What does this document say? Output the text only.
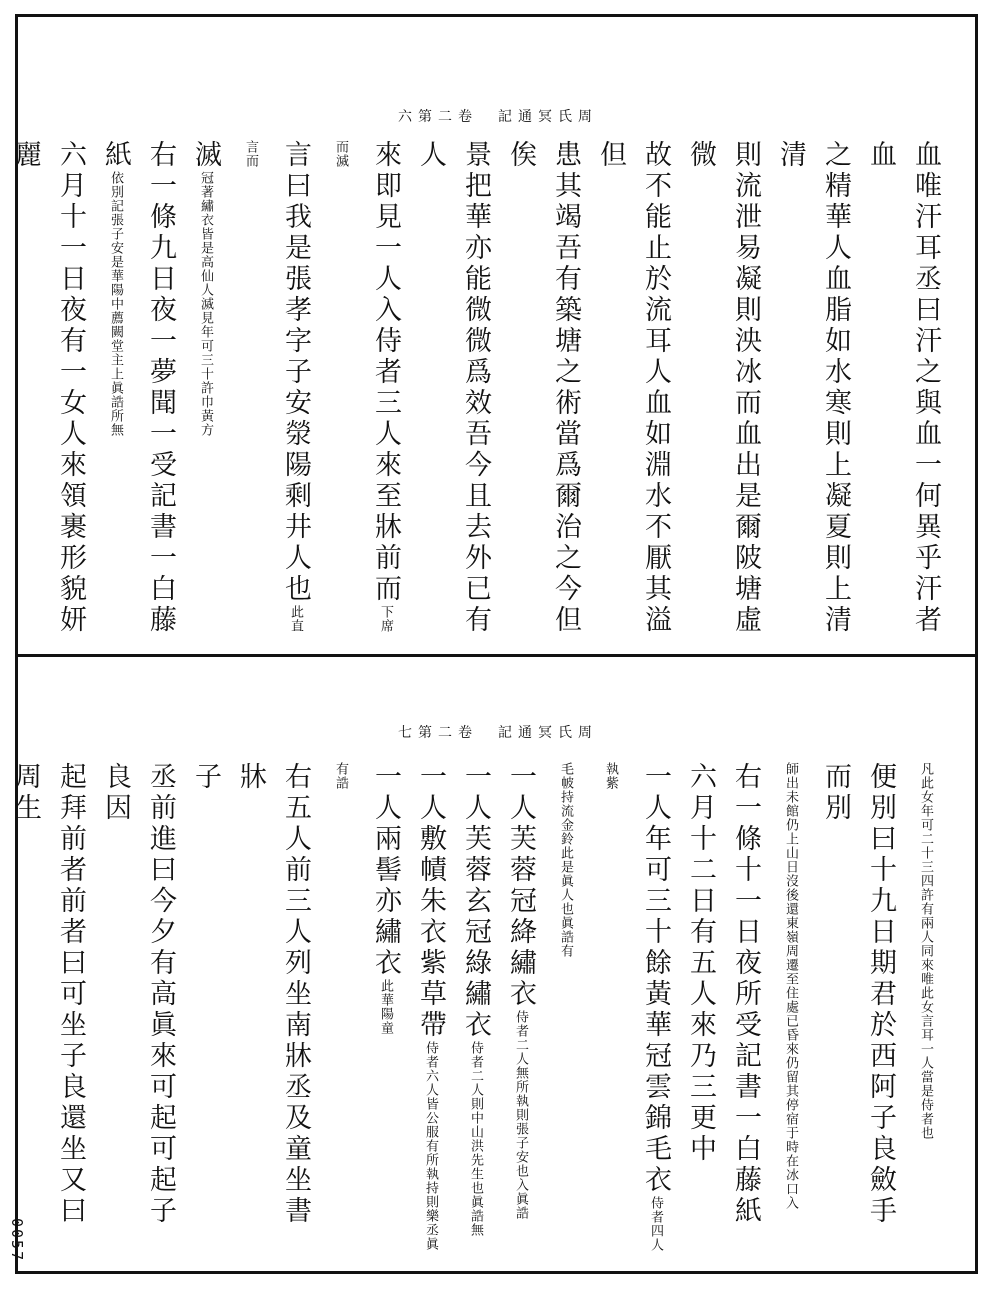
六第二卷　記通冥氏周
血唯汗耳丞曰汗之與血一何異乎汗者血
之精華人血脂如水寒則上凝夏則上清清
則流泄易凝則泱冰而血出是爾陂塘虛微
故不能止於流耳人血如淵水不厭其溢但
患其竭吾有築塘之術當爲爾治之今但俟
景把華亦能微微爲效吾今且去外已有人
來即見一人入侍者三人來至牀前而下席而滅
言曰我是張孝字子安滎陽剩井人也此直言而
滅冠著繡衣皆是高仙人滅見年可三十許巾黃方
右一條九日夜一夢聞一受記書一白藤
紙依別記張子安是華陽中薦闕堂主上眞誥所無
六月十一日夜有一女人來領裹形貌妍麗
七第二卷　記通冥氏周
凡此女年可二十三四許有兩人同來唯此女言耳一人當是侍者也
便別曰十九日期君於西阿子良斂手而別
師出未館仍上山日沒後還東嶺周遷至住處已昏來仍留其停宿于時在冰口入
右一條十一日夜所受記書一白藤紙
六月十二日有五人來乃三更中
一人年可三十餘黃華冠雲錦毛衣侍者四人執紫
毛帔持流金鈴此是眞人也眞誥有
一人芙蓉冠絳繡衣侍者二人無所執則張子安也入眞誥
一人芙蓉玄冠綠繡衣侍者二人則中山洪先生也眞誥無
一人敷幘朱衣紫草帶侍者六人皆公服有所執持則樂丞眞
一人兩髻亦繡衣此華陽童
有誥
右五人前三人列坐南牀丞及童坐書牀
子
丞前進曰今夕有高眞來可起可起子良因
起拜前者前者曰可坐子良還坐又曰周生
0057
